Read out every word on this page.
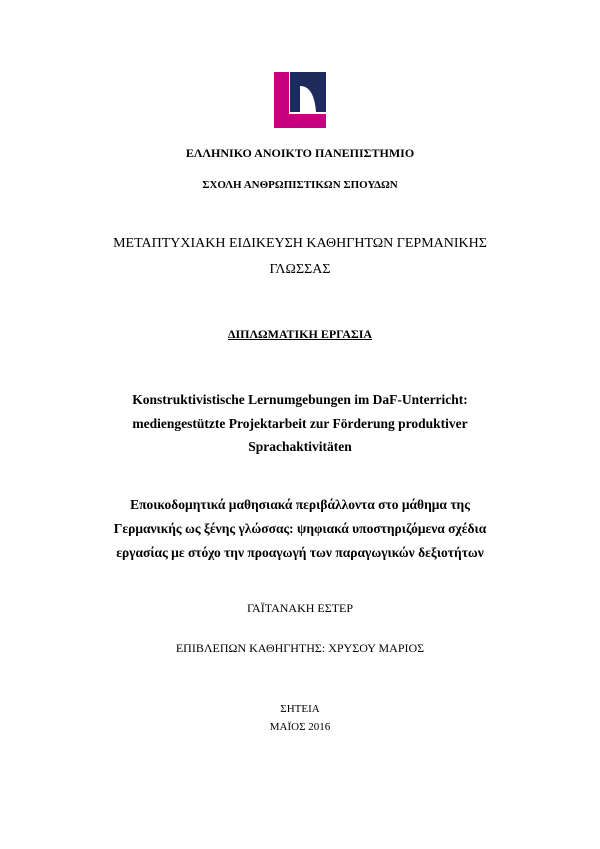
ΕΛΛΗΝΙΚΟ ΑΝΟΙΚΤΟ ΠΑΝΕΠΙΣΤΗΜΙΟ
ΣΧΟΛΗ ΑΝΘΡΩΠΙΣΤΙΚΩΝ ΣΠΟΥΔΩΝ
ΜΕΤΑΠΤΥΧΙΑΚΗ ΕΙΔΙΚΕΥΣΗ ΚΑΘΗΓΗΤΩΝ ΓΕΡΜΑΝΙΚΗΣ
ΓΛΩΣΣΑΣ
ΔΙΠΛΩΜΑΤΙΚΗ ΕΡΓΑΣΙΑ
Konstruktivistische Lernumgebungen im DaF-Unterricht:
mediengestützte Projektarbeit zur Förderung produktiver
Sprachaktivitäten
Εποικοδομητικά μαθησιακά περιβάλλοντα στο μάθημα της
Γερμανικής ως ξένης γλώσσας: ψηφιακά υποστηριζόμενα σχέδια
εργασίας με στόχο την προαγωγή των παραγωγικών δεξιοτήτων
ΓΑΪΤΑΝΑΚΗ ΕΣΤΕΡ
ΕΠΙΒΛΕΠΩΝ ΚΑΘΗΓΗΤΗΣ: ΧΡΥΣΟΥ ΜΑΡΙΟΣ
ΣΗΤΕΙΑ
ΜΑΪΟΣ 2016
